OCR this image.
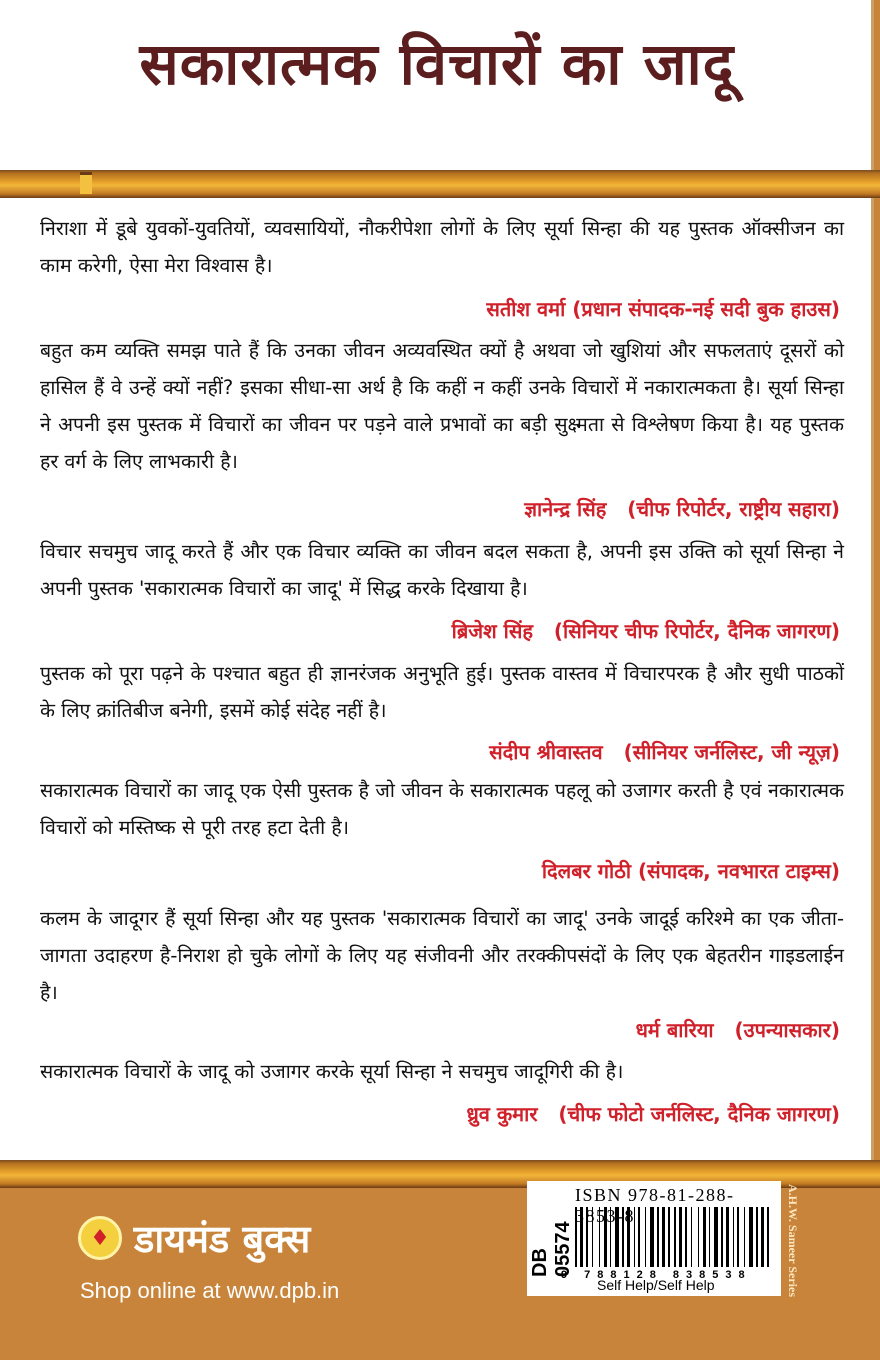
सकारात्मक विचारों का जादू
निराशा में डूबे युवकों-युवतियों, व्यवसायियों, नौकरीपेशा लोगों के लिए सूर्या सिन्हा की यह पुस्तक ऑक्सीजन का काम करेगी, ऐसा मेरा विश्वास है।
सतीश वर्मा (प्रधान संपादक-नई सदी बुक हाउस)
बहुत कम व्यक्ति समझ पाते हैं कि उनका जीवन अव्यवस्थित क्यों है अथवा जो खुशियां और सफलताएं दूसरों को हासिल हैं वे उन्हें क्यों नहीं? इसका सीधा-सा अर्थ है कि कहीं न कहीं उनके विचारों में नकारात्मकता है। सूर्या सिन्हा ने अपनी इस पुस्तक में विचारों का जीवन पर पड़ने वाले प्रभावों का बड़ी सुक्ष्मता से विश्लेषण किया है। यह पुस्तक हर वर्ग के लिए लाभकारी है।
ज्ञानेन्द्र सिंह   (चीफ रिपोर्टर, राष्ट्रीय सहारा)
विचार सचमुच जादू करते हैं और एक विचार व्यक्ति का जीवन बदल सकता है, अपनी इस उक्ति को सूर्या सिन्हा ने अपनी पुस्तक 'सकारात्मक विचारों का जादू' में सिद्ध करके दिखाया है।
ब्रिजेश सिंह   (सिनियर चीफ रिपोर्टर, दैनिक जागरण)
पुस्तक को पूरा पढ़ने के पश्चात बहुत ही ज्ञानरंजक अनुभूति हुई। पुस्तक वास्तव में विचारपरक है और सुधी पाठकों के लिए क्रांतिबीज बनेगी, इसमें कोई संदेह नहीं है।
संदीप श्रीवास्तव   (सीनियर जर्नलिस्ट, जी न्यूज़)
सकारात्मक विचारों का जादू एक ऐसी पुस्तक है जो जीवन के सकारात्मक पहलू को उजागर करती है एवं नकारात्मक विचारों को मस्तिष्क से पूरी तरह हटा देती है।
दिलबर गोठी (संपादक, नवभारत टाइम्स)
कलम के जादूगर हैं सूर्या सिन्हा और यह पुस्तक 'सकारात्मक विचारों का जादू' उनके जादूई करिश्मे का एक जीता-जागता उदाहरण है-निराश हो चुके लोगों के लिए यह संजीवनी और तरक्कीपसंदों के लिए एक बेहतरीन गाइडलाईन है।
धर्म बारिया   (उपन्यासकार)
सकारात्मक विचारों के जादू को उजागर करके सूर्या सिन्हा ने सचमुच जादूगिरी की है।
ध्रुव कुमार   (चीफ फोटो जर्नलिस्ट, दैनिक जागरण)
♦ डायमंड बुक्स
Shop online at www.dpb.in
ISBN 978-81-288- 853-8
DB 05574
9 788128 838538
Self Help/Self Help	A.H.W. Sameer Series
